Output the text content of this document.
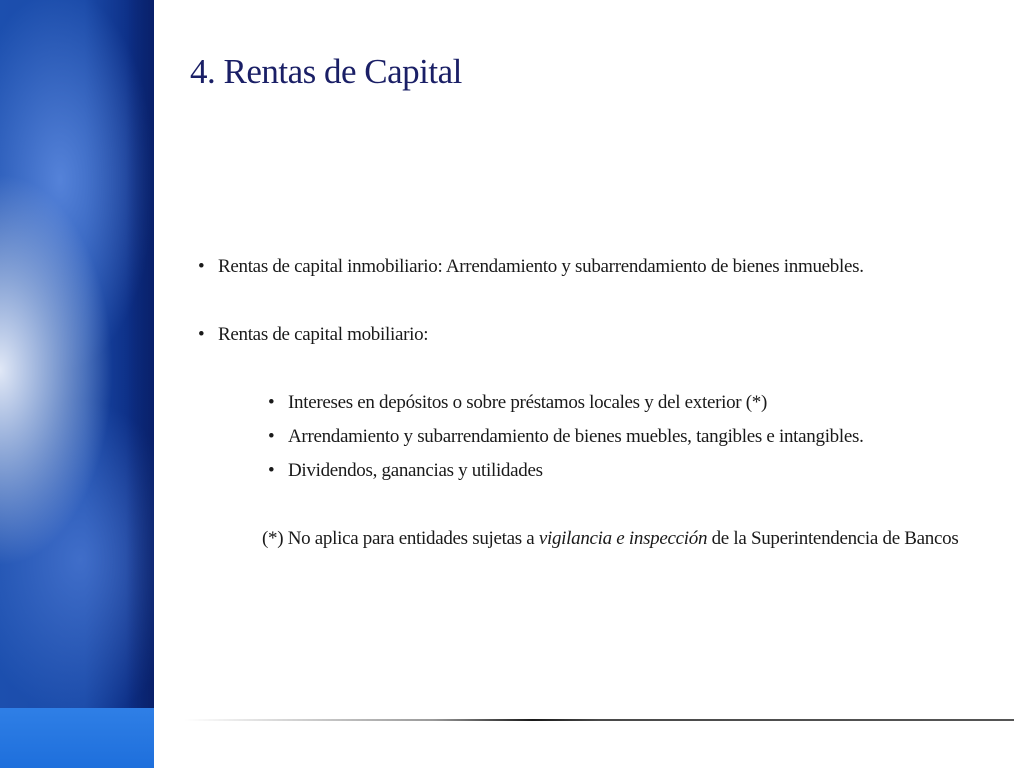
4. Rentas de Capital

• Rentas de capital inmobiliario: Arrendamiento y subarrendamiento de bienes inmuebles.

• Rentas de capital mobiliario:

• Intereses en depósitos o sobre préstamos locales y del exterior (*)

• Arrendamiento y subarrendamiento de bienes muebles, tangibles e intangibles.

• Dividendos, ganancias y utilidades

(*) No aplica para entidades sujetas a vigilancia e inspección de la Superintendencia de Bancos
